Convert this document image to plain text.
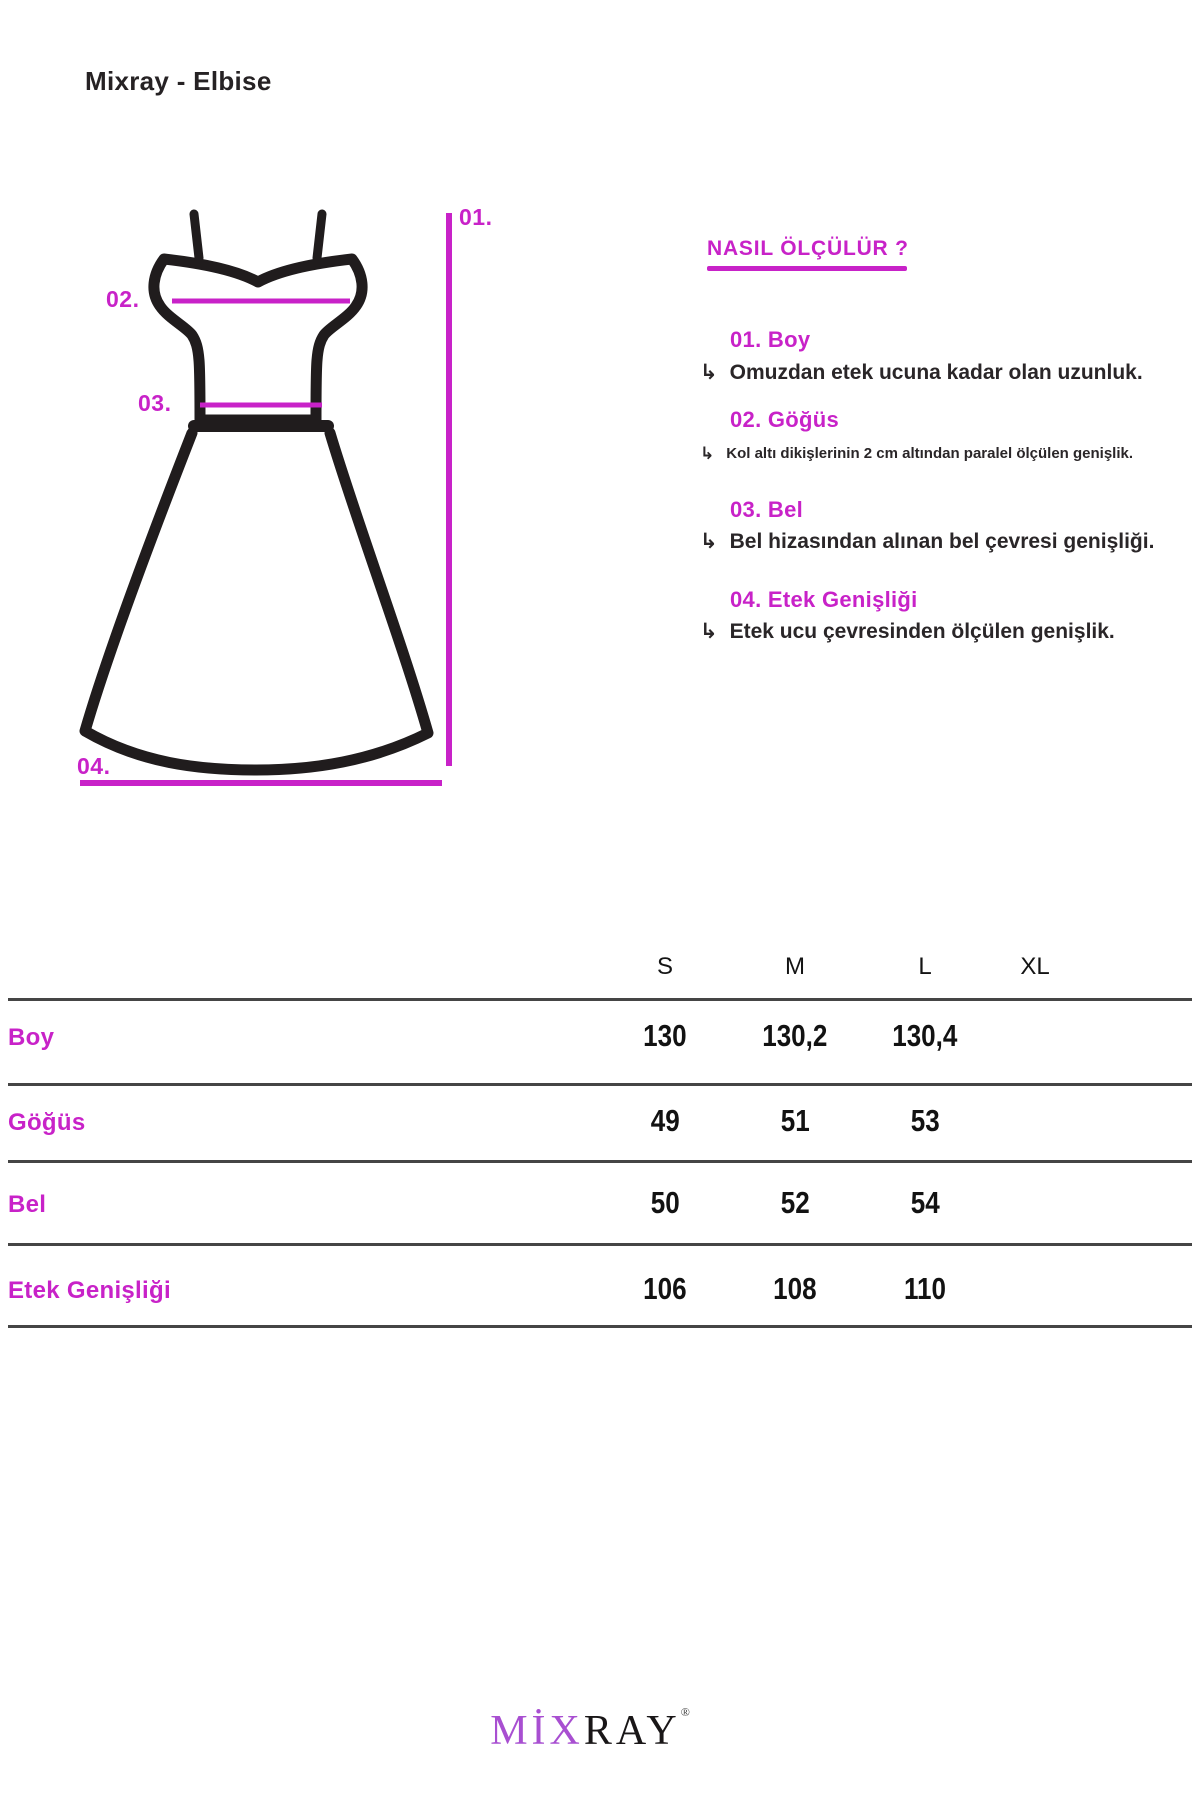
Mixray - Elbise
01.
02.
03.
04.
NASIL ÖLÇÜLÜR ?
01. Boy
↳ Omuzdan etek ucuna kadar olan uzunluk.
02. Göğüs
↳ Kol altı dikişlerinin 2 cm altından paralel ölçülen genişlik.
03. Bel
↳ Bel hizasından alınan bel çevresi genişliği.
04. Etek Genişliği
↳ Etek ucu çevresinden ölçülen genişlik.
S	M	L	XL
Boy	130	130,2	130,4
Göğüs	49	51	53
Bel	50	52	54
Etek Genişliği	106	108	110
MİXRAY®
